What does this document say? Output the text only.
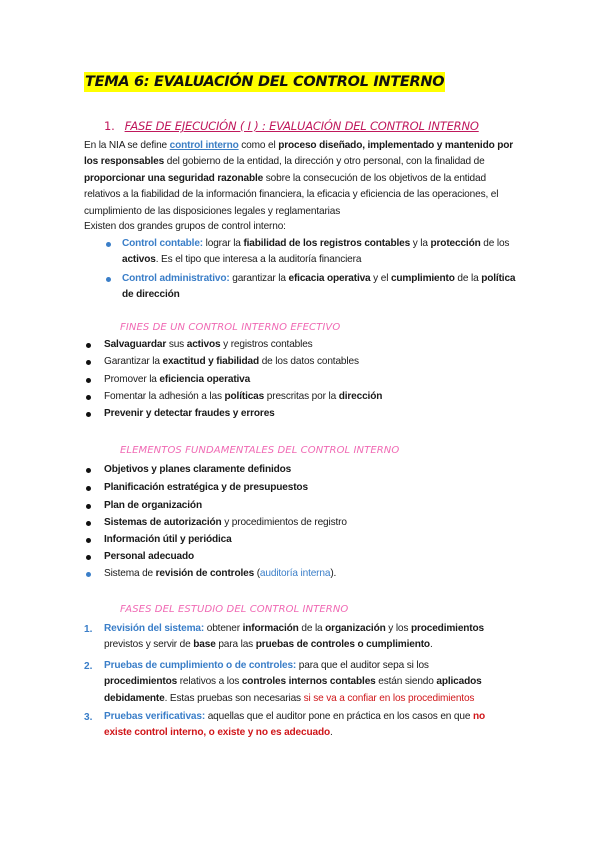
TEMA 6: EVALUACIÓN DEL CONTROL INTERNO
1. FASE DE EJECUCIÓN ( I ) : EVALUACIÓN DEL CONTROL INTERNO
En la NIA se define control interno como el proceso diseñado, implementado y mantenido por los responsables del gobierno de la entidad, la dirección y otro personal, con la finalidad de proporcionar una seguridad razonable sobre la consecución de los objetivos de la entidad relativos a la fiabilidad de la información financiera, la eficacia y eficiencia de las operaciones, el cumplimiento de las disposiciones legales y reglamentarias
Existen dos grandes grupos de control interno:
Control contable: lograr la fiabilidad de los registros contables y la protección de los activos. Es el tipo que interesa a la auditoría financiera
Control administrativo: garantizar la eficacia operativa y el cumplimiento de la política de dirección
FINES DE UN CONTROL INTERNO EFECTIVO
Salvaguardar sus activos y registros contables
Garantizar la exactitud y fiabilidad de los datos contables
Promover la eficiencia operativa
Fomentar la adhesión a las políticas prescritas por la dirección
Prevenir y detectar fraudes y errores
ELEMENTOS FUNDAMENTALES DEL CONTROL INTERNO
Objetivos y planes claramente definidos
Planificación estratégica y de presupuestos
Plan de organización
Sistemas de autorización y procedimientos de registro
Información útil y periódica
Personal adecuado
Sistema de revisión de controles (auditoría interna).
FASES DEL ESTUDIO DEL CONTROL INTERNO
1. Revisión del sistema: obtener información de la organización y los procedimientos
previstos y servir de base para las pruebas de controles o cumplimiento.
2. Pruebas de cumplimiento o de controles: para que el auditor sepa si los
procedimientos relativos a los controles internos contables están siendo aplicados
debidamente. Estas pruebas son necesarias si se va a confiar en los procedimientos
3. Pruebas verificativas: aquellas que el auditor pone en práctica en los casos en que no
existe control interno, o existe y no es adecuado.
